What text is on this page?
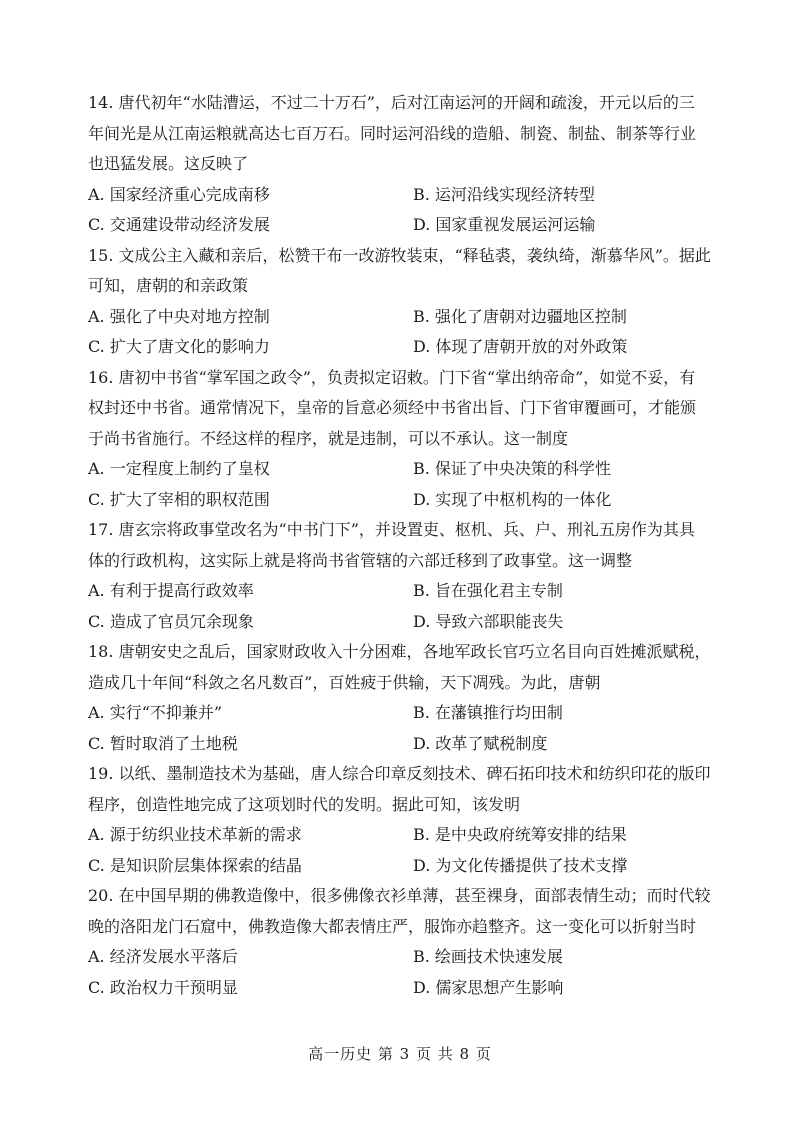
14. 唐代初年“水陆漕运，不过二十万石”，后对江南运河的开阔和疏浚，开元以后的三
年间光是从江南运粮就高达七百万石。同时运河沿线的造船、制瓷、制盐、制茶等行业
也迅猛发展。这反映了
A. 国家经济重心完成南移	B. 运河沿线实现经济转型
C. 交通建设带动经济发展	D. 国家重视发展运河运输
15. 文成公主入藏和亲后，松赞干布一改游牧装束，“释毡裘，袭纨绮，渐慕华风”。据此
可知，唐朝的和亲政策
A. 强化了中央对地方控制	B. 强化了唐朝对边疆地区控制
C. 扩大了唐文化的影响力	D. 体现了唐朝开放的对外政策
16. 唐初中书省“掌军国之政令”，负责拟定诏敕。门下省“掌出纳帝命”，如觉不妥，有
权封还中书省。通常情况下，皇帝的旨意必须经中书省出旨、门下省审覆画可，才能颁
于尚书省施行。不经这样的程序，就是违制，可以不承认。这一制度
A. 一定程度上制约了皇权	B. 保证了中央决策的科学性
C. 扩大了宰相的职权范围	D. 实现了中枢机构的一体化
17. 唐玄宗将政事堂改名为“中书门下”，并设置吏、枢机、兵、户、刑礼五房作为其具
体的行政机构，这实际上就是将尚书省管辖的六部迁移到了政事堂。这一调整
A. 有利于提高行政效率	B. 旨在强化君主专制
C. 造成了官员冗余现象	D. 导致六部职能丧失
18. 唐朝安史之乱后，国家财政收入十分困难，各地军政长官巧立名目向百姓摊派赋税，
造成几十年间“科敛之名凡数百”，百姓疲于供输，天下凋残。为此，唐朝
A. 实行“不抑兼并”	B. 在藩镇推行均田制
C. 暂时取消了土地税	D. 改革了赋税制度
19. 以纸、墨制造技术为基础，唐人综合印章反刻技术、碑石拓印技术和纺织印花的版印
程序，创造性地完成了这项划时代的发明。据此可知，该发明
A. 源于纺织业技术革新的需求	B. 是中央政府统筹安排的结果
C. 是知识阶层集体探索的结晶	D. 为文化传播提供了技术支撑
20. 在中国早期的佛教造像中，很多佛像衣衫单薄，甚至裸身，面部表情生动；而时代较
晚的洛阳龙门石窟中，佛教造像大都表情庄严，服饰亦趋整齐。这一变化可以折射当时
A. 经济发展水平落后	B. 绘画技术快速发展
C. 政治权力干预明显	D. 儒家思想产生影响
高一历史 第 3 页 共 8 页
